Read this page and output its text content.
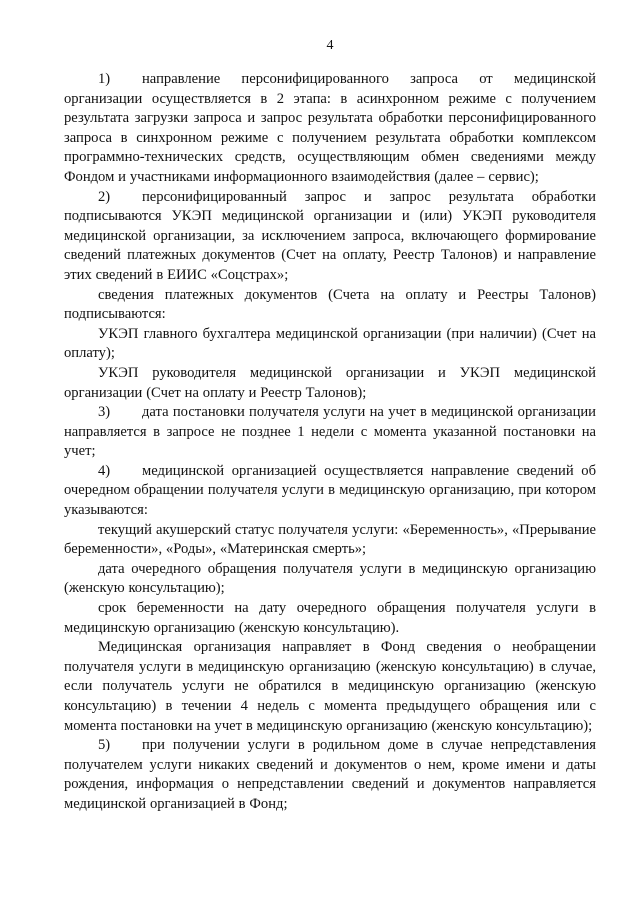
4

1) направление персонифицированного запроса от медицинской организации осуществляется в 2 этапа: в асинхронном режиме с получением результата загрузки запроса и запрос результата обработки персонифицированного запроса в синхронном режиме с получением результата обработки комплексом программно-технических средств, осуществляющим обмен сведениями между Фондом и участниками информационного взаимодействия (далее – сервис);

2) персонифицированный запрос и запрос результата обработки подписываются УКЭП медицинской организации и (или) УКЭП руководителя медицинской организации, за исключением запроса, включающего формирование сведений платежных документов (Счет на оплату, Реестр Талонов) и направление этих сведений в ЕИИС «Соцстрах»;

сведения платежных документов (Счета на оплату и Реестры Талонов) подписываются:

УКЭП главного бухгалтера медицинской организации (при наличии) (Счет на оплату);

УКЭП руководителя медицинской организации и УКЭП медицинской организации (Счет на оплату и Реестр Талонов);

3) дата постановки получателя услуги на учет в медицинской организации направляется в запросе не позднее 1 недели с момента указанной постановки на учет;

4) медицинской организацией осуществляется направление сведений об очередном обращении получателя услуги в медицинскую организацию, при котором указываются:

текущий акушерский статус получателя услуги: «Беременность», «Прерывание беременности», «Роды», «Материнская смерть»;

дата очередного обращения получателя услуги в медицинскую организацию (женскую консультацию);

срок беременности на дату очередного обращения получателя услуги в медицинскую организацию (женскую консультацию).

Медицинская организация направляет в Фонд сведения о необращении получателя услуги в медицинскую организацию (женскую консультацию) в случае, если получатель услуги не обратился в медицинскую организацию (женскую консультацию) в течении 4 недель с момента предыдущего обращения или с момента постановки на учет в медицинскую организацию (женскую консультацию);

5) при получении услуги в родильном доме в случае непредставления получателем услуги никаких сведений и документов о нем, кроме имени и даты рождения, информация о непредставлении сведений и документов направляется медицинской организацией в Фонд;
